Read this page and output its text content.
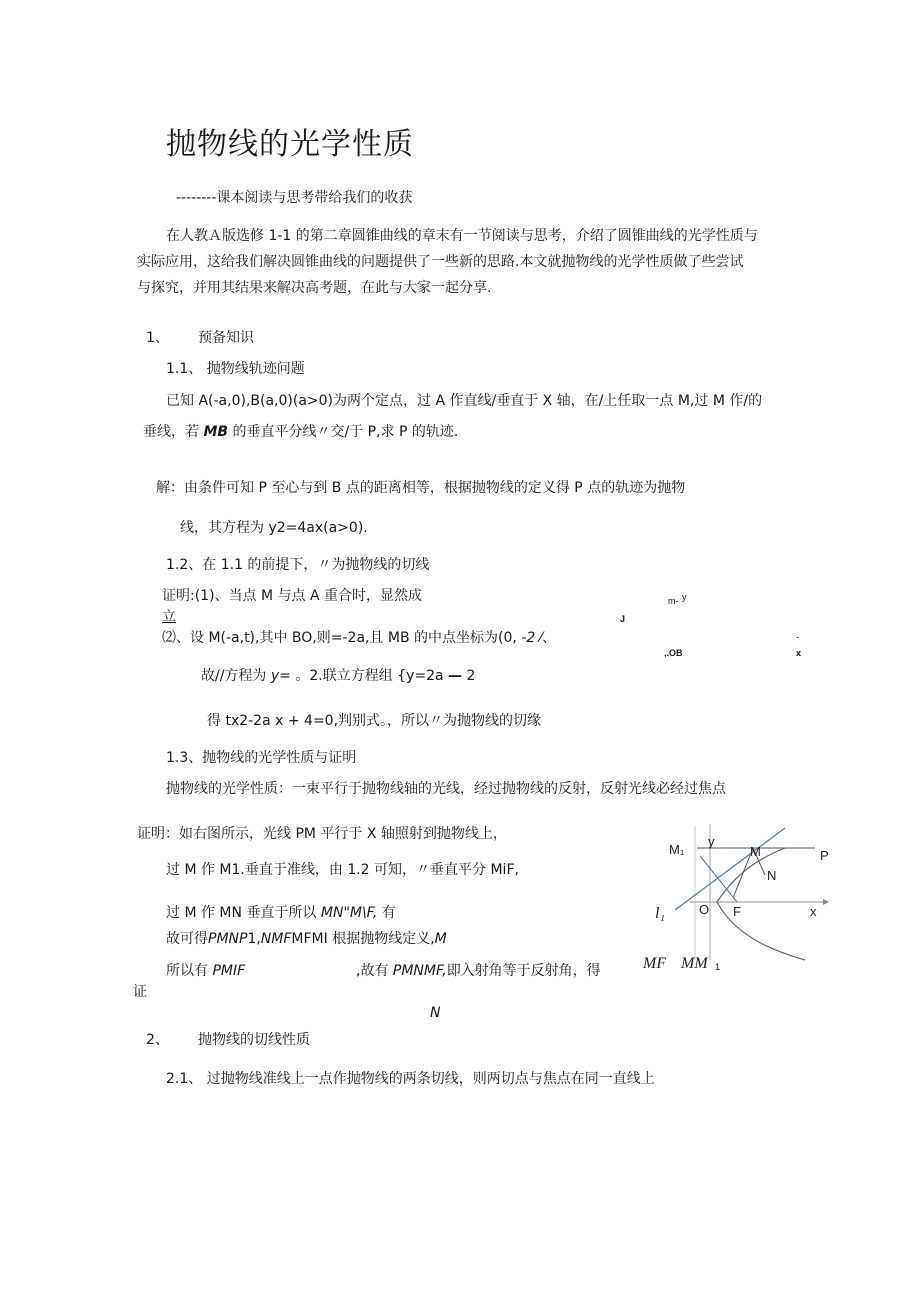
抛物线的光学性质
--------课本阅读与思考带给我们的收获
在人教Ａ版选修 1-1 的第二章圆锥曲线的章末有一节阅读与思考，介绍了圆锥曲线的光学性质与
实际应用，这给我们解决圆锥曲线的问题提供了一些新的思路.本文就抛物线的光学性质做了些尝试
与探究，并用其结果来解决高考题，在此与大家一起分享.
1、 预备知识
1.1、 抛物线轨迹问题
已知 A(-a,0),B(a,0)(a>0)为两个定点，过 A 作直线/垂直于 X 轴，在/上任取一点 M,过 M 作/的
垂线，若 MB 的垂直平分线〃交/于 P,求 P 的轨迹.
解：由条件可知 P 至心与到 B 点的距离相等，根据抛物线的定义得 P 点的轨迹为抛物
线，其方程为 y2=4ax(a>0).
1.2、在 1.1 的前提下，〃为抛物线的切线
证明:(1)、当点 M 与点 A 重合时，显然成
立
⑵、设 M(-a,t),其中 BO,则=-2a,且 MB 的中点坐标为(0, -2 ⁄、
m- y
J
,.OB
-
x
故//方程为 y= 。2.联立方程组 {y=2a — 2
得 tx2-2a x + 4=0,判别式。，所以〃为抛物线的切缘
1.3、抛物线的光学性质与证明
抛物线的光学性质：一束平行于抛物线轴的光线，经过抛物线的反射，反射光线必经过焦点
证明：如右图所示，光线 PM 平行于 X 轴照射到抛物线上，
过 M 作 M1.垂直于准线，由 1.2 可知，〃垂直平分 MiF,
过 M 作 MN 垂直于所以 MN"M\F, 有
故可得PMNP1,NMFMFMI 根据抛物线定义,M
所以有 PMIF	,故有 PMNMF,即入射角等于反射角，得
证
N
M₁
y
M	P
N
l₁	O F	x
MF MM 1
2、 抛物线的切线性质
2.1、 过抛物线准线上一点作抛物线的两条切线，则两切点与焦点在同一直线上
